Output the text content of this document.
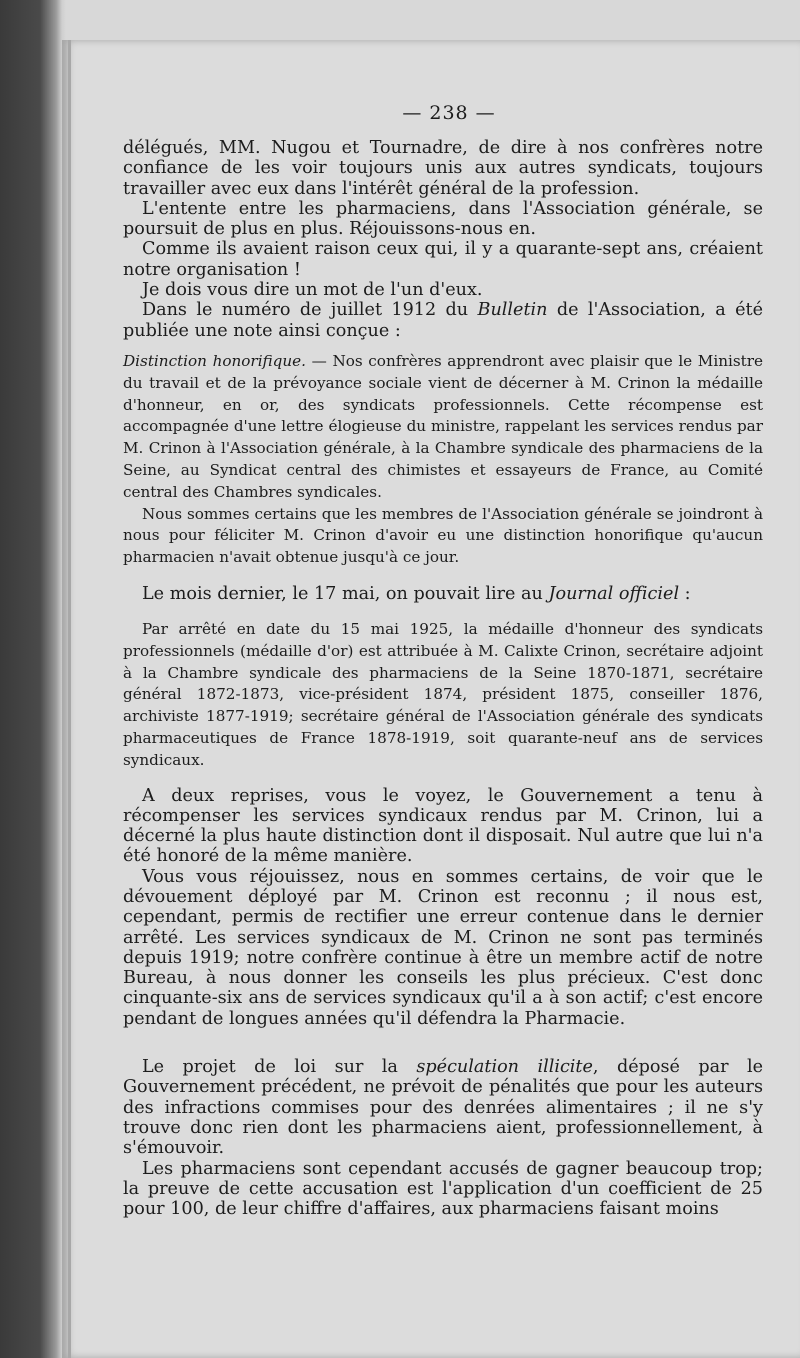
— 238 —

délégués, MM. Nugou et Tournadre, de dire à nos confrères notre confiance de les voir toujours unis aux autres syndicats, toujours travailler avec eux dans l'intérêt général de la profession.

L'entente entre les pharmaciens, dans l'Association générale, se poursuit de plus en plus. Réjouissons-nous en.

Comme ils avaient raison ceux qui, il y a quarante-sept ans, créaient notre organisation !

Je dois vous dire un mot de l'un d'eux.

Dans le numéro de juillet 1912 du Bulletin de l'Association, a été publiée une note ainsi conçue :

Distinction honorifique. — Nos confrères apprendront avec plaisir que le Ministre du travail et de la prévoyance sociale vient de décerner à M. Crinon la médaille d'honneur, en or, des syndicats professionnels. Cette récompense est accompagnée d'une lettre élogieuse du ministre, rappelant les services rendus par M. Crinon à l'Association générale, à la Chambre syndicale des pharmaciens de la Seine, au Syndicat central des chimistes et essayeurs de France, au Comité central des Chambres syndicales.

Nous sommes certains que les membres de l'Association générale se joindront à nous pour féliciter M. Crinon d'avoir eu une distinction honorifique qu'aucun pharmacien n'avait obtenue jusqu'à ce jour.

Le mois dernier, le 17 mai, on pouvait lire au Journal officiel :

Par arrêté en date du 15 mai 1925, la médaille d'honneur des syndicats professionnels (médaille d'or) est attribuée à M. Calixte Crinon, secrétaire adjoint à la Chambre syndicale des pharmaciens de la Seine 1870-1871, secrétaire général 1872-1873, vice-président 1874, président 1875, conseiller 1876, archiviste 1877-1919; secrétaire général de l'Association générale des syndicats pharmaceutiques de France 1878-1919, soit quarante-neuf ans de services syndicaux.

A deux reprises, vous le voyez, le Gouvernement a tenu à récompenser les services syndicaux rendus par M. Crinon, lui a décerné la plus haute distinction dont il disposait. Nul autre que lui n'a été honoré de la même manière.

Vous vous réjouissez, nous en sommes certains, de voir que le dévouement déployé par M. Crinon est reconnu ; il nous est, cependant, permis de rectifier une erreur contenue dans le dernier arrêté. Les services syndicaux de M. Crinon ne sont pas terminés depuis 1919; notre confrère continue à être un membre actif de notre Bureau, à nous donner les conseils les plus précieux. C'est donc cinquante-six ans de services syndicaux qu'il a à son actif; c'est encore pendant de longues années qu'il défendra la Pharmacie.

Le projet de loi sur la spéculation illicite, déposé par le Gouvernement précédent, ne prévoit de pénalités que pour les auteurs des infractions commises pour des denrées alimentaires ; il ne s'y trouve donc rien dont les pharmaciens aient, professionnellement, à s'émouvoir.

Les pharmaciens sont cependant accusés de gagner beaucoup trop; la preuve de cette accusation est l'application d'un coefficient de 25 pour 100, de leur chiffre d'affaires, aux pharmaciens faisant moins
